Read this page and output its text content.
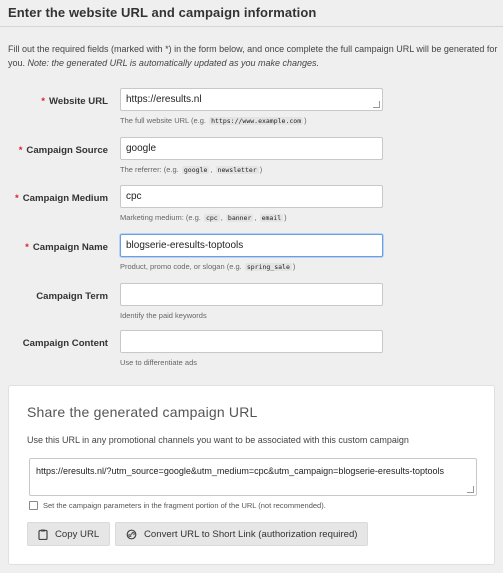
Enter the website URL and campaign information
Fill out the required fields (marked with *) in the form below, and once complete the full campaign URL will be generated for you. Note: the generated URL is automatically updated as you make changes.
* Website URL	https://eresults.nl
The full website URL (e.g. https://www.example.com )
* Campaign Source	google
The referrer: (e.g. google , newsletter )
* Campaign Medium	cpc
Marketing medium: (e.g. cpc , banner , email )
* Campaign Name	blogserie-eresults-toptools
Product, promo code, or slogan (e.g. spring_sale )
Campaign Term
Identify the paid keywords
Campaign Content
Use to differentiate ads
Share the generated campaign URL
Use this URL in any promotional channels you want to be associated with this custom campaign
https://eresults.nl/?utm_source=google&utm_medium=cpc&utm_campaign=blogserie-eresults-toptools
Set the campaign parameters in the fragment portion of the URL (not recommended).
Copy URL	Convert URL to Short Link (authorization required)
